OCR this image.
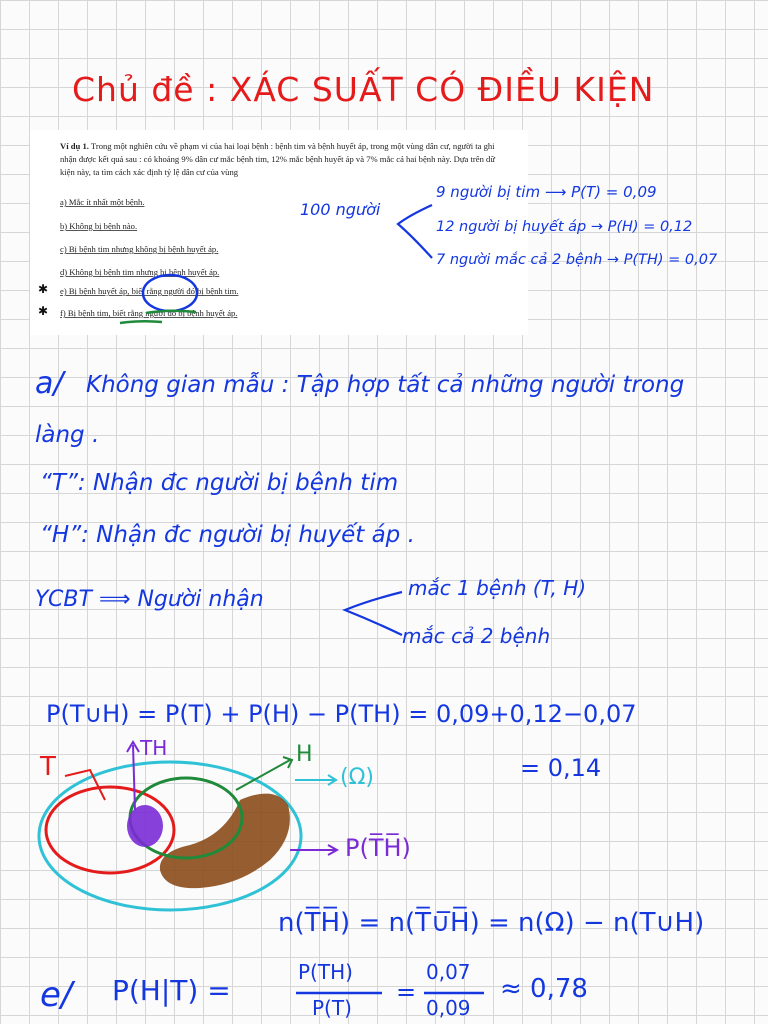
Chủ đề : XÁC SUẤT CÓ ĐIỀU KIỆN
Ví dụ 1. Trong một nghiên cứu về phạm vi của hai loại bệnh : bệnh tim và bệnh huyết áp, trong một vùng dân cư, người ta ghi nhận được kết quả sau : có khoảng 9% dân cư mắc bệnh tim, 12% mắc bệnh huyết áp và 7% mắc cả hai bệnh này. Dựa trên dữ kiện này, ta tìm cách xác định tỷ lệ dân cư của vùng
a) Mắc ít nhất một bệnh.
b) Không bị bệnh nào.
c) Bị bệnh tim nhưng không bị bệnh huyết áp.
d) Không bị bệnh tim nhưng bị bệnh huyết áp.
e) Bị bệnh huyết áp, biết rằng người đó bị bệnh tim.
f) Bị bệnh tim, biết rằng người đó bị bệnh huyết áp.
✱
✱
100 người
9 người bị tim ⟶ P(T) = 0,09
12 người bị huyết áp → P(H) = 0,12
7 người mắc cả 2 bệnh → P(TH) = 0,07
a/ Không gian mẫu : Tập hợp tất cả những người trong
làng .
“T”: Nhận đc người bị bệnh tim
“H”: Nhận đc người bị huyết áp .
YCBT ⟹ Người nhận	mắc 1 bệnh (T, H)
mắc cả 2 bệnh
P(T∪H) = P(T) + P(H) − P(TH) = 0,09+0,12−0,07
= 0,14
T
TH	H
(Ω)
P(T̅H̅)
n(T̅H̅) = n(T̅∪̅H̅) = n(Ω) − n(T∪H)
e/ P(H|T) =
P(TH)
P(T)
=
0,07
0,09
≈ 0,78
